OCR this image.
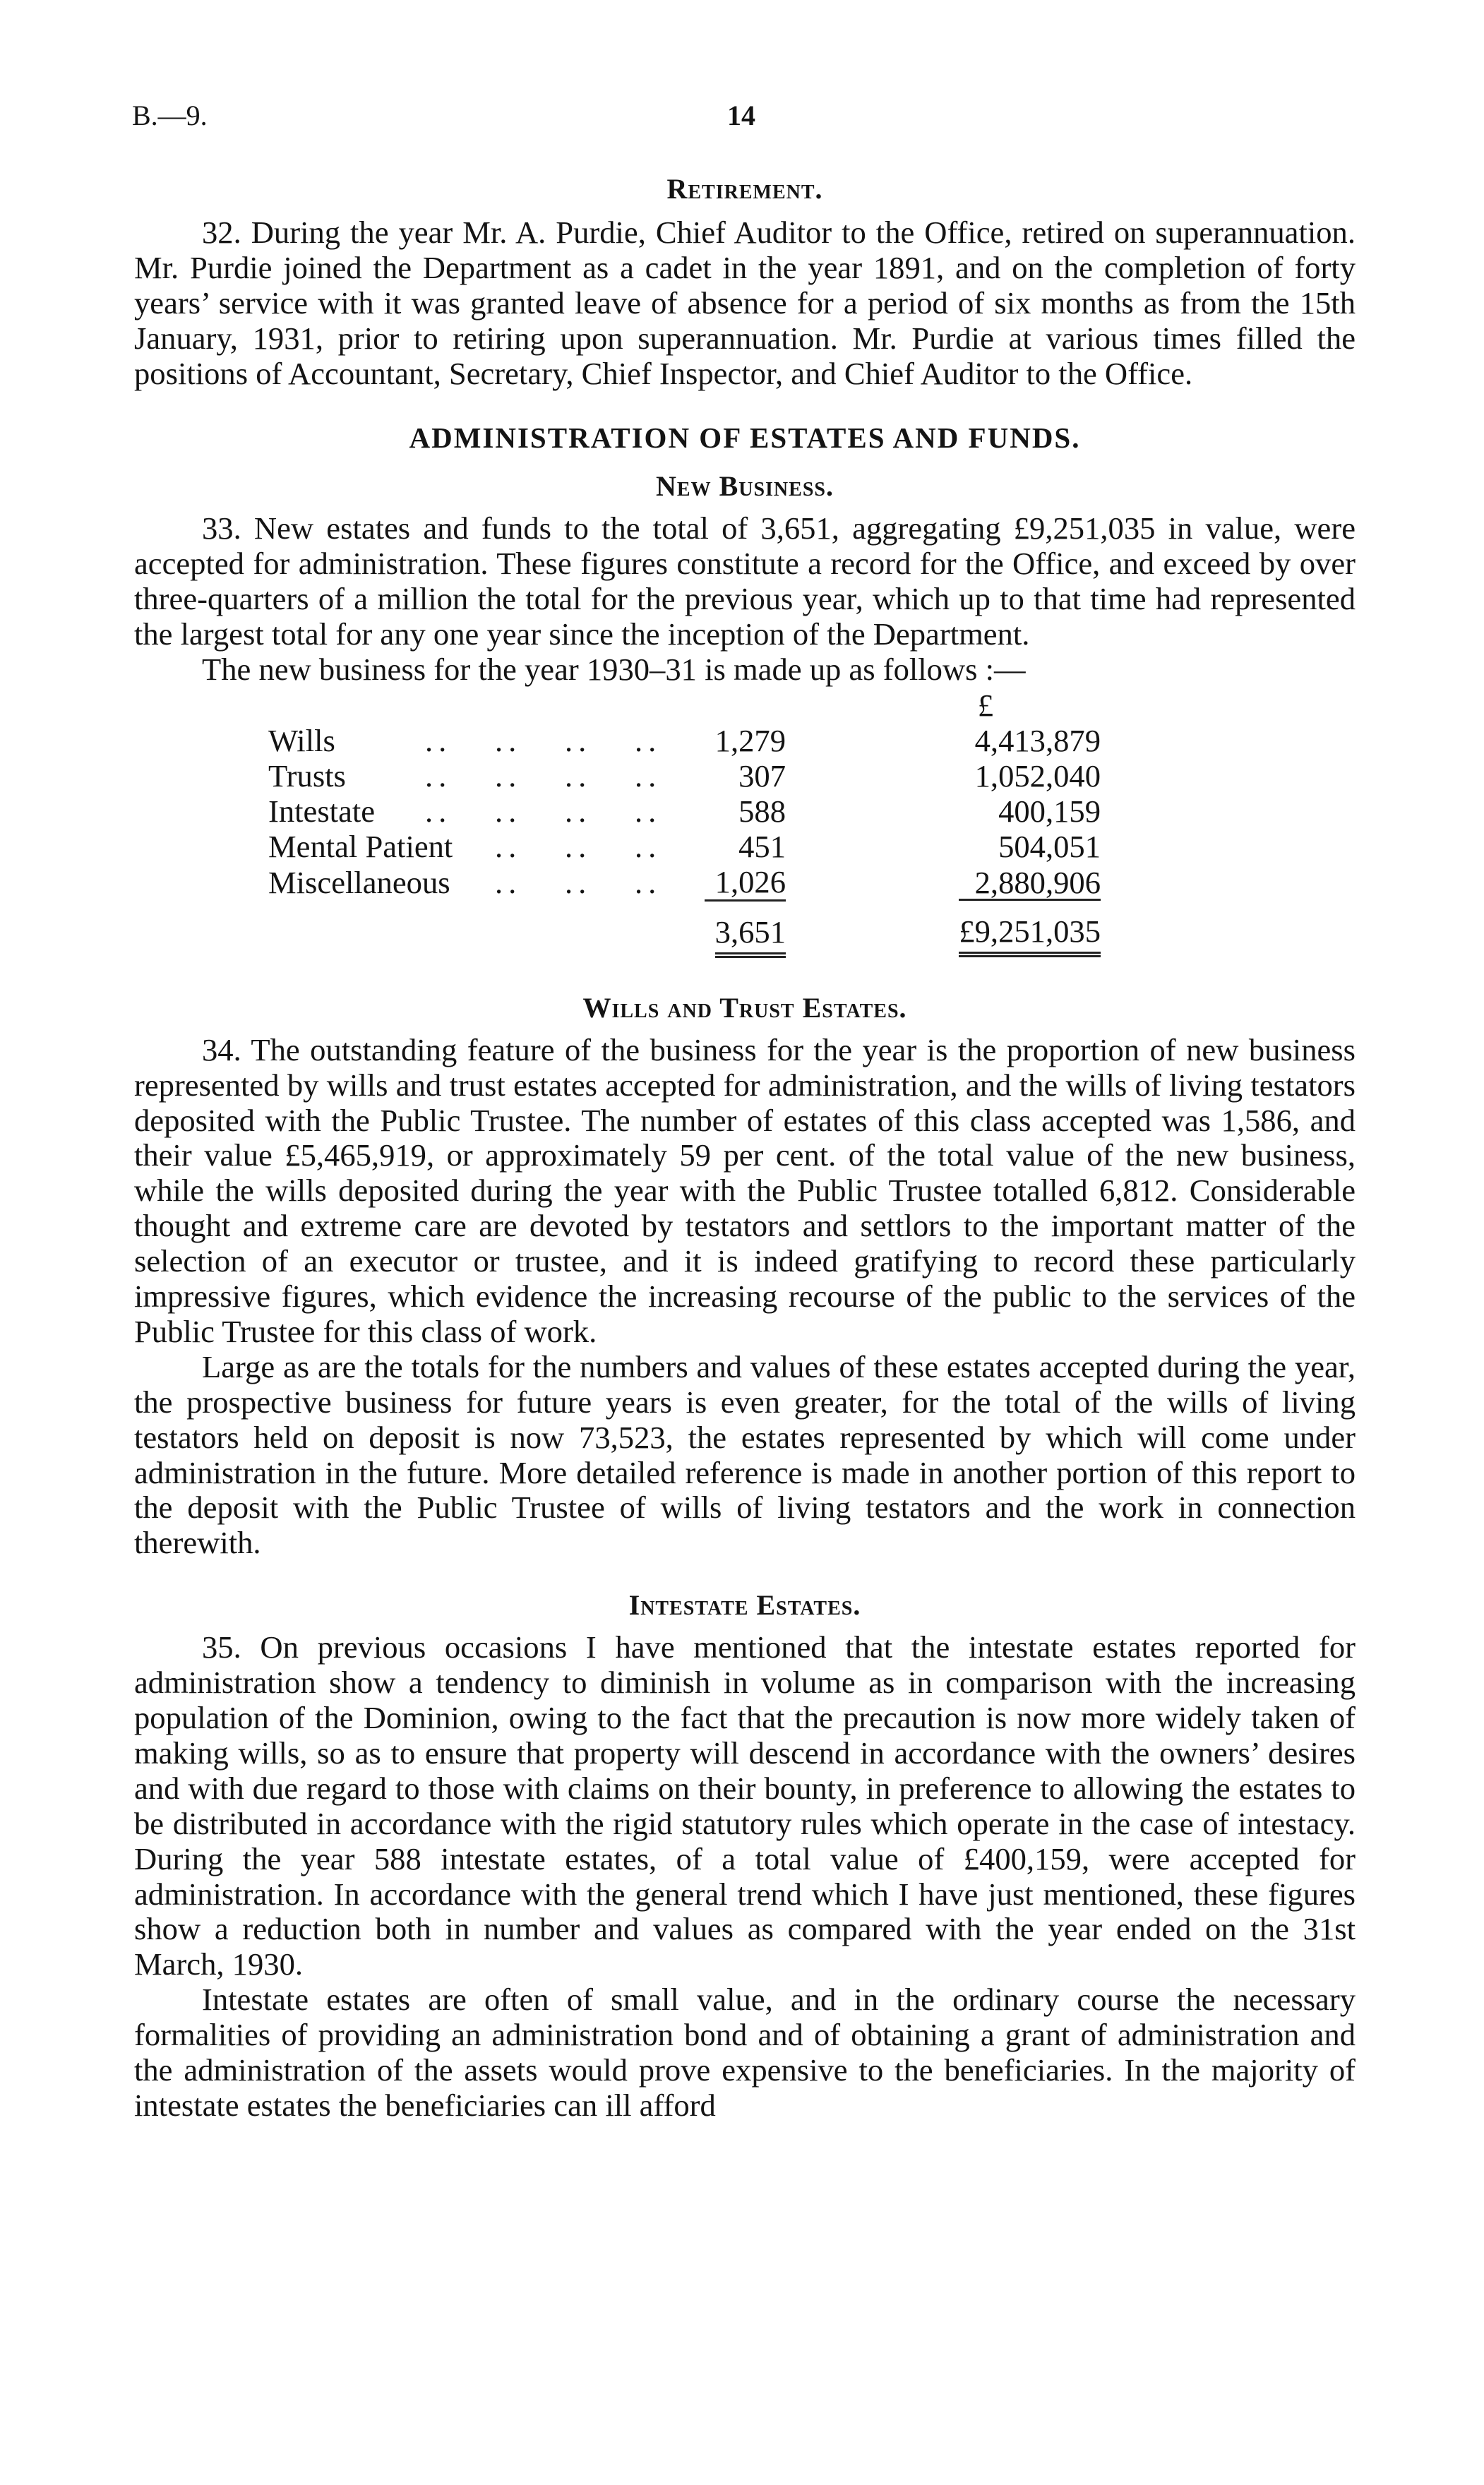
B.—9.	14
Retirement.

32. During the year Mr. A. Purdie, Chief Auditor to the Office, retired on superannuation. Mr. Purdie joined the Department as a cadet in the year 1891, and on the completion of forty years’ service with it was granted leave of absence for a period of six months as from the 15th January, 1931, prior to retiring upon superannuation. Mr. Purdie at various times filled the positions of Accountant, Secretary, Chief Inspector, and Chief Auditor to the Office.

ADMINISTRATION OF ESTATES AND FUNDS.
New Business.

33. New estates and funds to the total of 3,651, aggregating £9,251,035 in value, were accepted for administration. These figures constitute a record for the Office, and exceed by over three-quarters of a million the total for the previous year, which up to that time had represented the largest total for any one year since the inception of the Department.

The new business for the year 1930–31 is made up as follows :—

						£
Wills	..	..	..	..	1,279	4,413,879
Trusts	..	..	..	..	307	1,052,040
Intestate	..	..	..	..	588	400,159
Mental Patient		..	..	..	451	504,051
Miscellaneous		..	..	..	1,026	2,880,906
					3,651	£9,251,035
Wills and Trust Estates.

34. The outstanding feature of the business for the year is the proportion of new business represented by wills and trust estates accepted for administration, and the wills of living testators deposited with the Public Trustee. The number of estates of this class accepted was 1,586, and their value £5,465,919, or approximately 59 per cent. of the total value of the new business, while the wills deposited during the year with the Public Trustee totalled 6,812. Considerable thought and extreme care are devoted by testators and settlors to the important matter of the selection of an executor or trustee, and it is indeed gratifying to record these particularly impressive figures, which evidence the increasing recourse of the public to the services of the Public Trustee for this class of work.

Large as are the totals for the numbers and values of these estates accepted during the year, the prospective business for future years is even greater, for the total of the wills of living testators held on deposit is now 73,523, the estates represented by which will come under administration in the future. More detailed reference is made in another portion of this report to the deposit with the Public Trustee of wills of living testators and the work in connection therewith.

Intestate Estates.

35. On previous occasions I have mentioned that the intestate estates reported for administration show a tendency to diminish in volume as in comparison with the increasing population of the Dominion, owing to the fact that the precaution is now more widely taken of making wills, so as to ensure that property will descend in accordance with the owners’ desires and with due regard to those with claims on their bounty, in preference to allowing the estates to be distributed in accordance with the rigid statutory rules which operate in the case of intestacy. During the year 588 intestate estates, of a total value of £400,159, were accepted for administration. In accordance with the general trend which I have just mentioned, these figures show a reduction both in number and values as compared with the year ended on the 31st March, 1930.

Intestate estates are often of small value, and in the ordinary course the necessary formalities of providing an administration bond and of obtaining a grant of administration and the administration of the assets would prove expensive to the beneficiaries. In the majority of intestate estates the beneficiaries can ill afford
